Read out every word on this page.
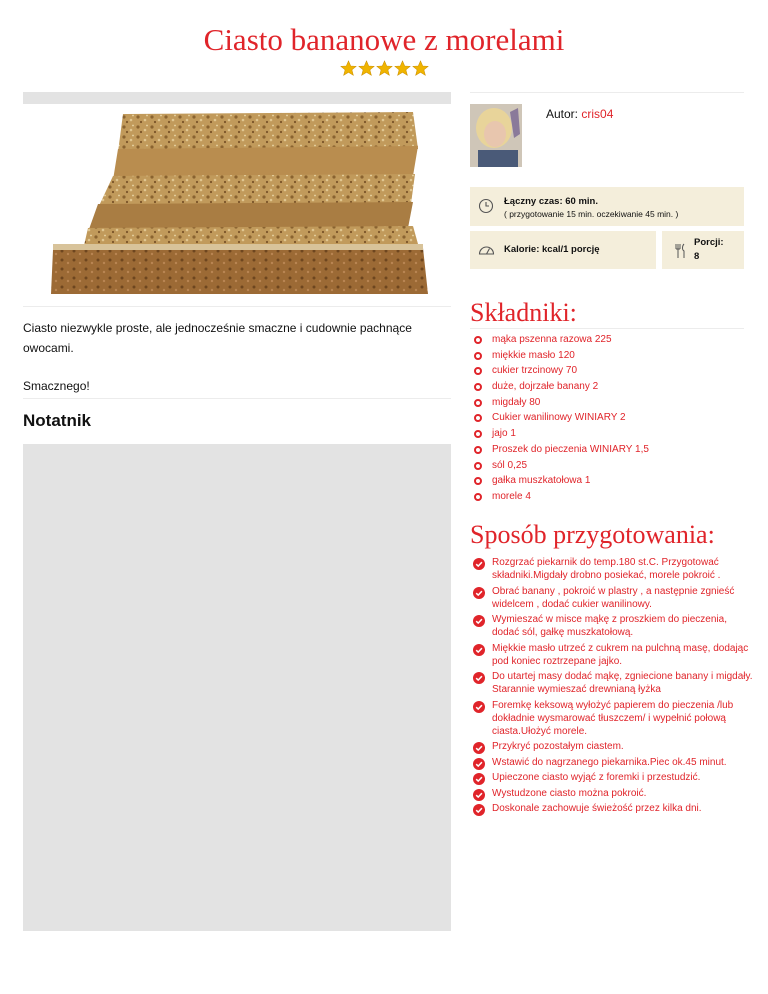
Ciasto bananowe z morelami

Ciasto niezwykle proste, ale jednocześnie smaczne i cudownie pachnące owocami.

Smacznego!

Notatnik
Autor: cris04
Łączny czas: 60 min.
( przygotowanie 15 min. oczekiwanie 45 min. )
Kalorie: kcal/1 porcję
Porcji:
8
Składniki:
mąka pszenna razowa 225
miękkie masło 120
cukier trzcinowy 70
duże, dojrzałe banany 2
migdały 80
Cukier wanilinowy WINIARY 2
jajo 1
Proszek do pieczenia WINIARY 1,5
sól 0,25
gałka muszkatołowa 1
morele 4
Sposób przygotowania:
Rozgrzać piekarnik do temp.180 st.C. Przygotować składniki.Migdały drobno posiekać, morele pokroić .
Obrać banany , pokroić w plastry , a następnie zgnieść widelcem , dodać cukier wanilinowy.
Wymieszać w misce mąkę z proszkiem do pieczenia, dodać sól, gałkę muszkatołową.
Miękkie masło utrzeć z cukrem na pulchną masę, dodając pod koniec roztrzepane jajko.
Do utartej masy dodać mąkę, zgniecione banany i migdały. Starannie wymieszać drewnianą łyżka
Foremkę keksową wyłożyć papierem do pieczenia /lub dokładnie wysmarować tłuszczem/ i wypełnić połową ciasta.Ułożyć morele.
Przykryć pozostałym ciastem.
Wstawić do nagrzanego piekarnika.Piec ok.45 minut.
Upieczone ciasto wyjąć z foremki i przestudzić.
Wystudzone ciasto można pokroić.
Doskonale zachowuje świeżość przez kilka dni.
